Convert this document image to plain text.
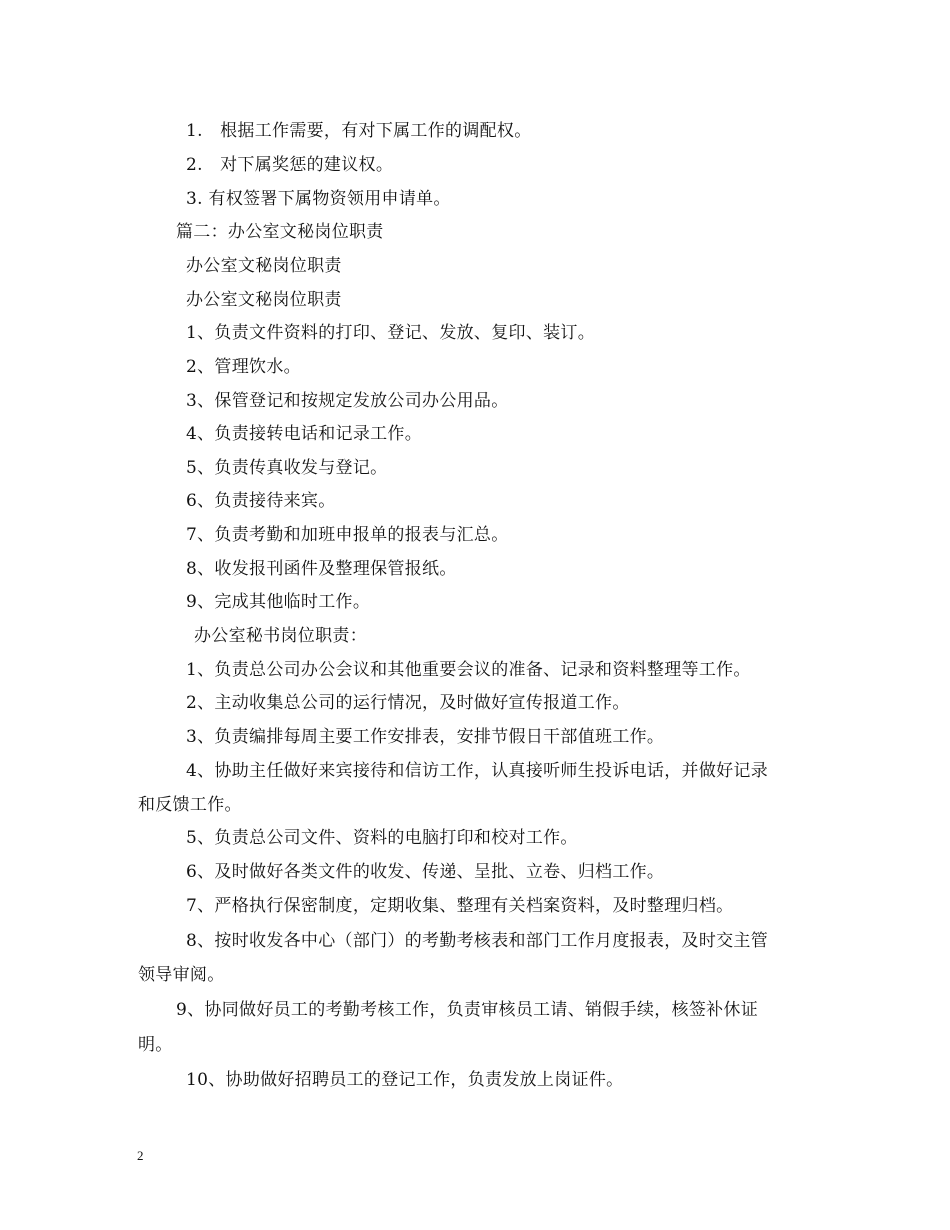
1.　根据工作需要，有对下属工作的调配权。
2.　对下属奖惩的建议权。
3. 有权签署下属物资领用申请单。
篇二：办公室文秘岗位职责
办公室文秘岗位职责
办公室文秘岗位职责
1、负责文件资料的打印、登记、发放、复印、装订。
2、管理饮水。
3、保管登记和按规定发放公司办公用品。
4、负责接转电话和记录工作。
5、负责传真收发与登记。
6、负责接待来宾。
7、负责考勤和加班申报单的报表与汇总。
8、收发报刊函件及整理保管报纸。
9、完成其他临时工作。
办公室秘书岗位职责：
1、负责总公司办公会议和其他重要会议的准备、记录和资料整理等工作。
2、主动收集总公司的运行情况，及时做好宣传报道工作。
3、负责编排每周主要工作安排表，安排节假日干部值班工作。
4、协助主任做好来宾接待和信访工作，认真接听师生投诉电话，并做好记录
和反馈工作。
5、负责总公司文件、资料的电脑打印和校对工作。
6、及时做好各类文件的收发、传递、呈批、立卷、归档工作。
7、严格执行保密制度，定期收集、整理有关档案资料，及时整理归档。
8、按时收发各中心（部门）的考勤考核表和部门工作月度报表，及时交主管
领导审阅。
9、协同做好员工的考勤考核工作，负责审核员工请、销假手续，核签补休证
明。
10、协助做好招聘员工的登记工作，负责发放上岗证件。
2
